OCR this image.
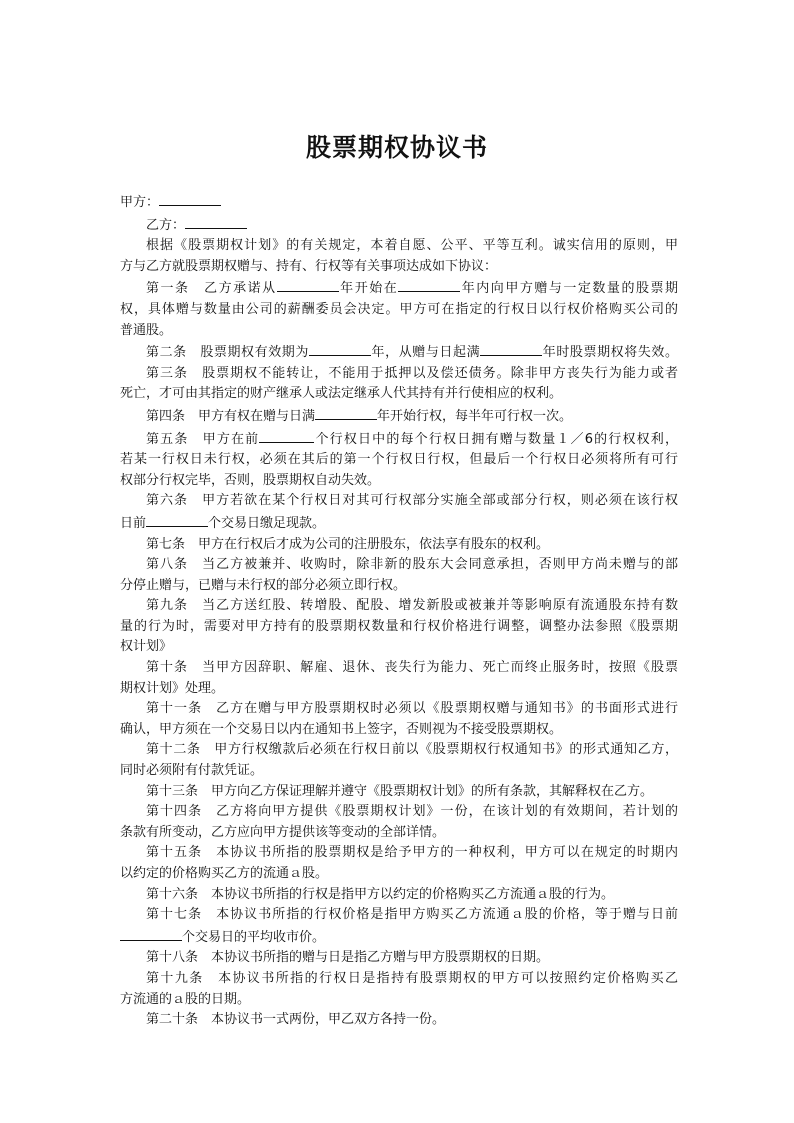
股票期权协议书
甲方：
乙方：
根据《股票期权计划》的有关规定，本着自愿、公平、平等互利。诚实信用的原则，甲
方与乙方就股票期权赠与、持有、行权等有关事项达成如下协议：
第一条　乙方承诺从	年开始在	年内向甲方赠与一定数量的股票期
权，具体赠与数量由公司的薪酬委员会决定。甲方可在指定的行权日以行权价格购买公司的
普通股。
第二条　股票期权有效期为	年，从赠与日起满	年时股票期权将失效。
第三条　股票期权不能转让，不能用于抵押以及偿还债务。除非甲方丧失行为能力或者
死亡，才可由其指定的财产继承人或法定继承人代其持有并行使相应的权利。
第四条　甲方有权在赠与日满	年开始行权，每半年可行权一次。
第五条　甲方在前	个行权日中的每个行权日拥有赠与数量１／6的行权权利，
若某一行权日未行权，必须在其后的第一个行权日行权，但最后一个行权日必须将所有可行
权部分行权完毕，否则，股票期权自动失效。
第六条　甲方若欲在某个行权日对其可行权部分实施全部或部分行权，则必须在该行权
日前	个交易日缴足现款。
第七条　甲方在行权后才成为公司的注册股东，依法享有股东的权利。
第八条　当乙方被兼并、收购时，除非新的股东大会同意承担，否则甲方尚未赠与的部
分停止赠与，已赠与未行权的部分必须立即行权。
第九条　当乙方送红股、转增股、配股、增发新股或被兼并等影响原有流通股东持有数
量的行为时，需要对甲方持有的股票期权数量和行权价格进行调整，调整办法参照《股票期
权计划》
第十条　当甲方因辞职、解雇、退休、丧失行为能力、死亡而终止服务时，按照《股票
期权计划》处理。
第十一条　乙方在赠与甲方股票期权时必须以《股票期权赠与通知书》的书面形式进行
确认，甲方须在一个交易日以内在通知书上签字，否则视为不接受股票期权。
第十二条　甲方行权缴款后必须在行权日前以《股票期权行权通知书》的形式通知乙方，
同时必须附有付款凭证。
第十三条　甲方向乙方保证理解并遵守《股票期权计划》的所有条款，其解释权在乙方。
第十四条　乙方将向甲方提供《股票期权计划》一份，在该计划的有效期间，若计划的
条款有所变动，乙方应向甲方提供该等变动的全部详情。
第十五条　本协议书所指的股票期权是给予甲方的一种权利，甲方可以在规定的时期内
以约定的价格购买乙方的流通ａ股。
第十六条　本协议书所指的行权是指甲方以约定的价格购买乙方流通ａ股的行为。
第十七条　本协议书所指的行权价格是指甲方购买乙方流通ａ股的价格，等于赠与日前
个交易日的平均收市价。
第十八条　本协议书所指的赠与日是指乙方赠与甲方股票期权的日期。
第十九条　本协议书所指的行权日是指持有股票期权的甲方可以按照约定价格购买乙
方流通的ａ股的日期。
第二十条　本协议书一式两份，甲乙双方各持一份。
